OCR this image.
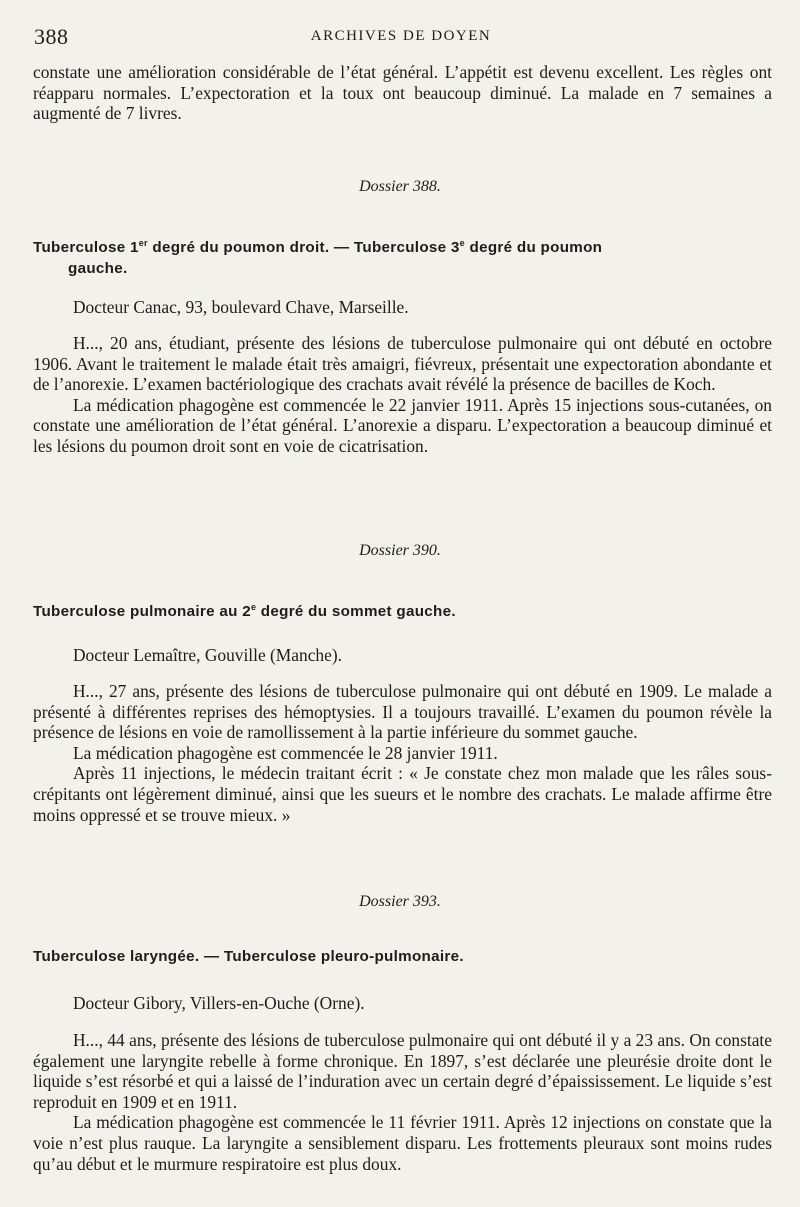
388	ARCHIVES DE DOYEN

constate une amélioration considérable de l’état général. L’appétit est devenu excellent. Les règles ont réapparu normales. L’expectoration et la toux ont beaucoup diminué. La malade en 7 semaines a augmenté de 7 livres.

Dossier 388.

Tuberculose 1er degré du poumon droit. — Tuberculose 3e degré du poumon
gauche.

Docteur Canac, 93, boulevard Chave, Marseille.

H..., 20 ans, étudiant, présente des lésions de tuberculose pulmonaire qui ont débuté en octobre 1906. Avant le traitement le malade était très amaigri, fiévreux, présentait une expectoration abondante et de l’anorexie. L’examen bactériologique des crachats avait révélé la présence de bacilles de Koch.

La médication phagogène est commencée le 22 janvier 1911. Après 15 injections sous-cutanées, on constate une amélioration de l’état général. L’anorexie a disparu. L’expectoration a beaucoup diminué et les lésions du poumon droit sont en voie de cicatrisation.

Dossier 390.

Tuberculose pulmonaire au 2e degré du sommet gauche.

Docteur Lemaître, Gouville (Manche).

H..., 27 ans, présente des lésions de tuberculose pulmonaire qui ont débuté en 1909. Le malade a présenté à différentes reprises des hémoptysies. Il a toujours travaillé. L’examen du poumon révèle la présence de lésions en voie de ramollissement à la partie inférieure du sommet gauche.

La médication phagogène est commencée le 28 janvier 1911.

Après 11 injections, le médecin traitant écrit : « Je constate chez mon malade que les râles sous-crépitants ont légèrement diminué, ainsi que les sueurs et le nombre des crachats. Le malade affirme être moins oppressé et se trouve mieux. »

Dossier 393.

Tuberculose laryngée. — Tuberculose pleuro-pulmonaire.

Docteur Gibory, Villers-en-Ouche (Orne).

H..., 44 ans, présente des lésions de tuberculose pulmonaire qui ont débuté il y a 23 ans. On constate également une laryngite rebelle à forme chronique. En 1897, s’est déclarée une pleurésie droite dont le liquide s’est résorbé et qui a laissé de l’induration avec un certain degré d’épaississement. Le liquide s’est reproduit en 1909 et en 1911.

La médication phagogène est commencée le 11 février 1911. Après 12 injections on constate que la voie n’est plus rauque. La laryngite a sensiblement disparu. Les frottements pleuraux sont moins rudes qu’au début et le murmure respiratoire est plus doux.
